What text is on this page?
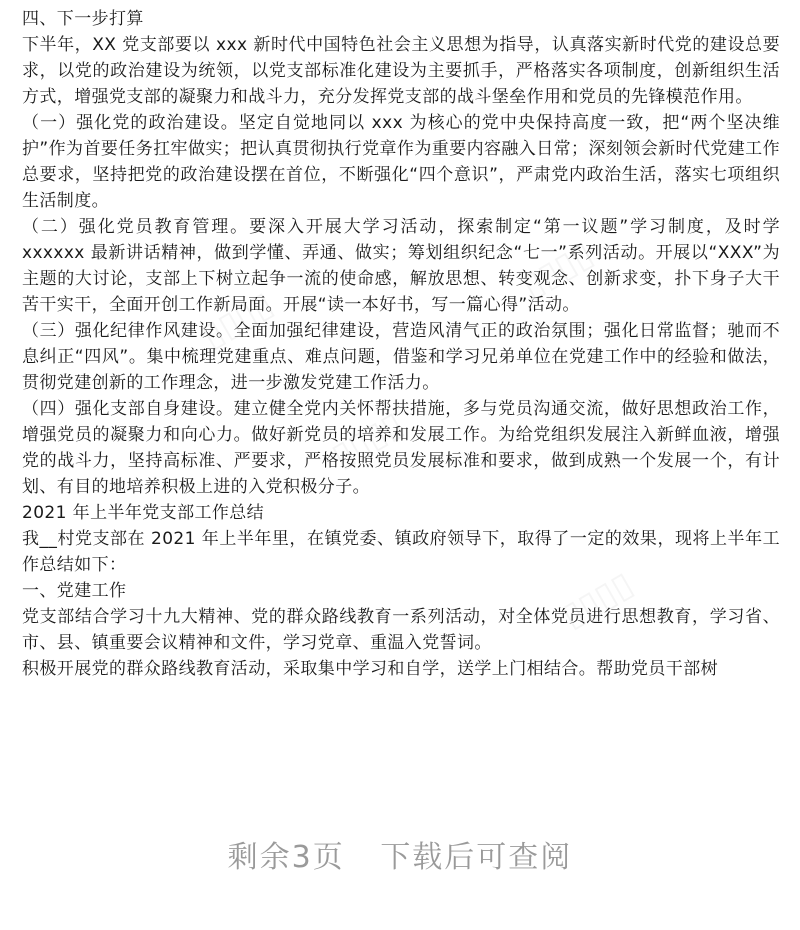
▯▯▯▯
▯▯▯▯
▯▯▯▯
▯▯▯▯

四、下一步打算

下半年，XX 党支部要以 xxx 新时代中国特色社会主义思想为指导，认真落实新时代党的建设总要求，以党的政治建设为统领，以党支部标准化建设为主要抓手，严格落实各项制度，创新组织生活方式，增强党支部的凝聚力和战斗力，充分发挥党支部的战斗堡垒作用和党员的先锋模范作用。

（一）强化党的政治建设。坚定自觉地同以 xxx 为核心的党中央保持高度一致，把“两个坚决维护”作为首要任务扛牢做实；把认真贯彻执行党章作为重要内容融入日常；深刻领会新时代党建工作总要求，坚持把党的政治建设摆在首位，不断强化“四个意识”，严肃党内政治生活，落实七项组织生活制度。

（二）强化党员教育管理。要深入开展大学习活动，探索制定“第一议题”学习制度，及时学 xxxxxx 最新讲话精神，做到学懂、弄通、做实；筹划组织纪念“七一”系列活动。开展以“XXX”为主题的大讨论，支部上下树立起争一流的使命感，解放思想、转变观念、创新求变，扑下身子大干苦干实干，全面开创工作新局面。开展“读一本好书，写一篇心得”活动。

（三）强化纪律作风建设。全面加强纪律建设，营造风清气正的政治氛围；强化日常监督；驰而不息纠正“四风”。集中梳理党建重点、难点问题，借鉴和学习兄弟单位在党建工作中的经验和做法，贯彻党建创新的工作理念，进一步激发党建工作活力。

（四）强化支部自身建设。建立健全党内关怀帮扶措施，多与党员沟通交流，做好思想政治工作，增强党员的凝聚力和向心力。做好新党员的培养和发展工作。为给党组织发展注入新鲜血液，增强党的战斗力，坚持高标准、严要求，严格按照党员发展标准和要求，做到成熟一个发展一个，有计划、有目的地培养积极上进的入党积极分子。

2021 年上半年党支部工作总结

我__村党支部在 2021 年上半年里，在镇党委、镇政府领导下，取得了一定的效果，现将上半年工作总结如下：

一、党建工作

党支部结合学习十九大精神、党的群众路线教育一系列活动，对全体党员进行思想教育，学习省、市、县、镇重要会议精神和文件，学习党章、重温入党誓词。

积极开展党的群众路线教育活动，采取集中学习和自学，送学上门相结合。帮助党员干部树

剩余3页 下载后可查阅
